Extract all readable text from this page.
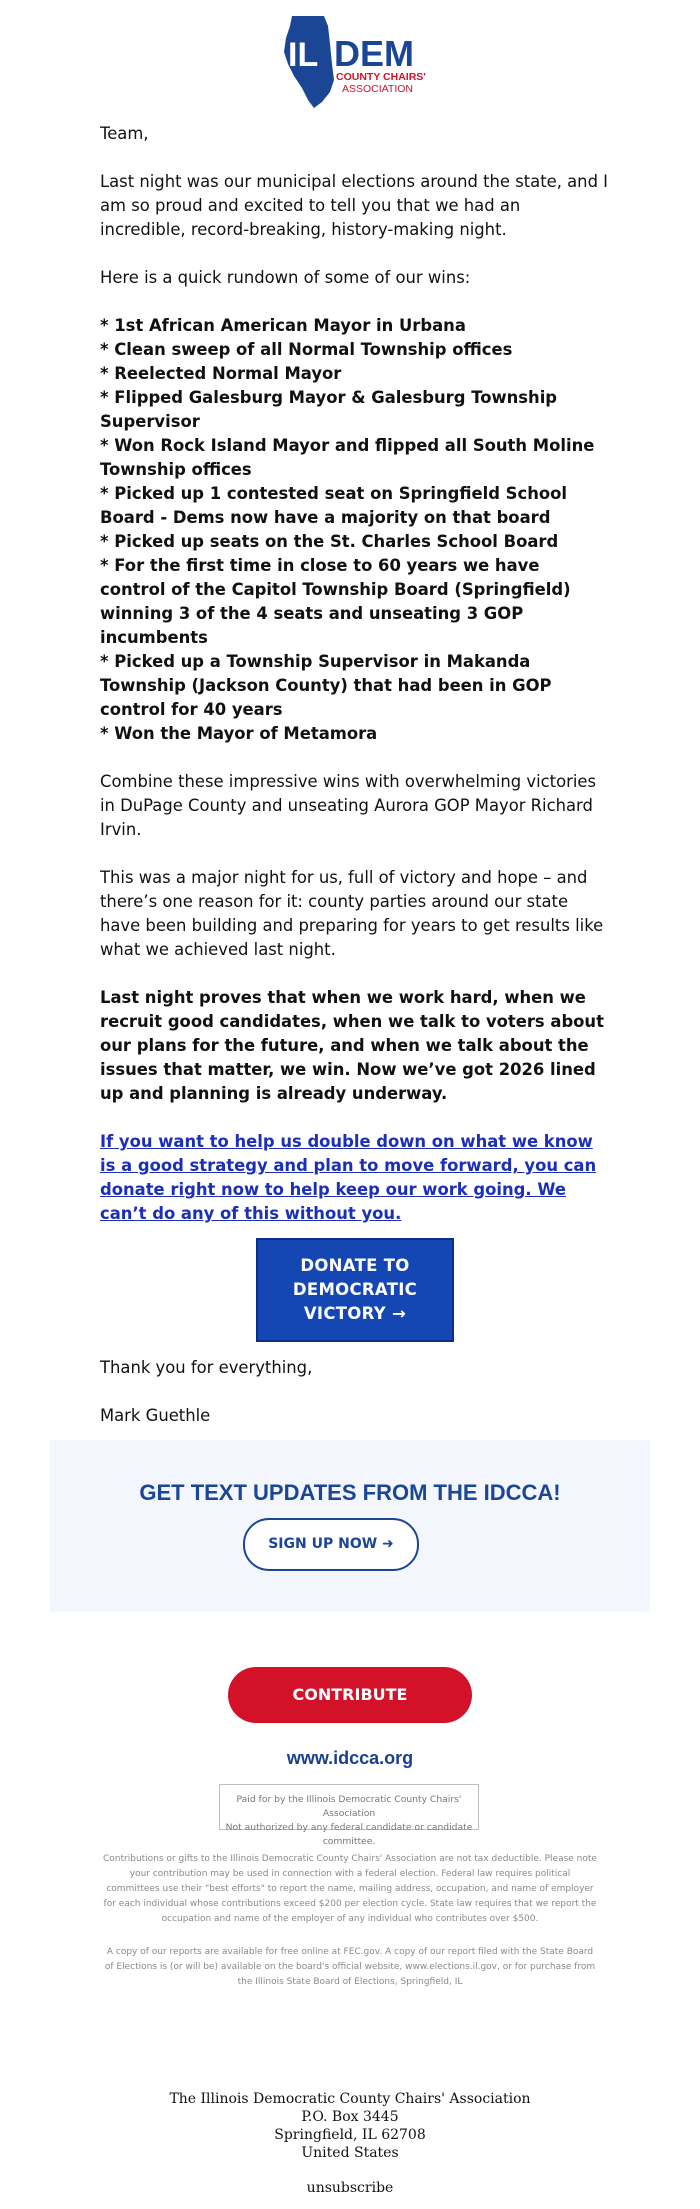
IL DEM
COUNTY CHAIRS'
ASSOCIATION

Team,

Last night was our municipal elections around the state, and I am so proud and excited to tell you that we had an incredible, record-breaking, history-making night.

Here is a quick rundown of some of our wins:

* 1st African American Mayor in Urbana
* Clean sweep of all Normal Township offices
* Reelected Normal Mayor
* Flipped Galesburg Mayor & Galesburg Township Supervisor
* Won Rock Island Mayor and flipped all South Moline Township offices
* Picked up 1 contested seat on Springfield School Board - Dems now have a majority on that board
* Picked up seats on the St. Charles School Board
* For the first time in close to 60 years we have control of the Capitol Township Board (Springfield) winning 3 of the 4 seats and unseating 3 GOP incumbents
* Picked up a Township Supervisor in Makanda Township (Jackson County) that had been in GOP control for 40 years
* Won the Mayor of Metamora

Combine these impressive wins with overwhelming victories in DuPage County and unseating Aurora GOP Mayor Richard Irvin.

This was a major night for us, full of victory and hope – and there’s one reason for it: county parties around our state have been building and preparing for years to get results like what we achieved last night.

Last night proves that when we work hard, when we recruit good candidates, when we talk to voters about our plans for the future, and when we talk about the issues that matter, we win. Now we’ve got 2026 lined up and planning is already underway.

If you want to help us double down on what we know is a good strategy and plan to move forward, you can donate right now to help keep our work going. We can’t do any of this without you.
DONATE TO DEMOCRATIC VICTORY →

Thank you for everything,

Mark Guethle

GET TEXT UPDATES FROM THE IDCCA!
SIGN UP NOW ➜
CONTRIBUTE
www.idcca.org
Paid for by the Illinois Democratic County Chairs' Association
Not authorized by any federal candidate or candidate committee.
Contributions or gifts to the Illinois Democratic County Chairs' Association are not tax deductible. Please note your contribution may be used in connection with a federal election. Federal law requires political committees use their "best efforts" to report the name, mailing address, occupation, and name of employer for each individual whose contributions exceed $200 per election cycle. State law requires that we report the occupation and name of the employer of any individual who contributes over $500.
A copy of our reports are available for free online at FEC.gov. A copy of our report filed with the State Board of Elections is (or will be) available on the board's official website, www.elections.il.gov, or for purchase from the Illinois State Board of Elections, Springfield, IL
The Illinois Democratic County Chairs' Association
P.O. Box 3445
Springfield, IL 62708
United States
unsubscribe
